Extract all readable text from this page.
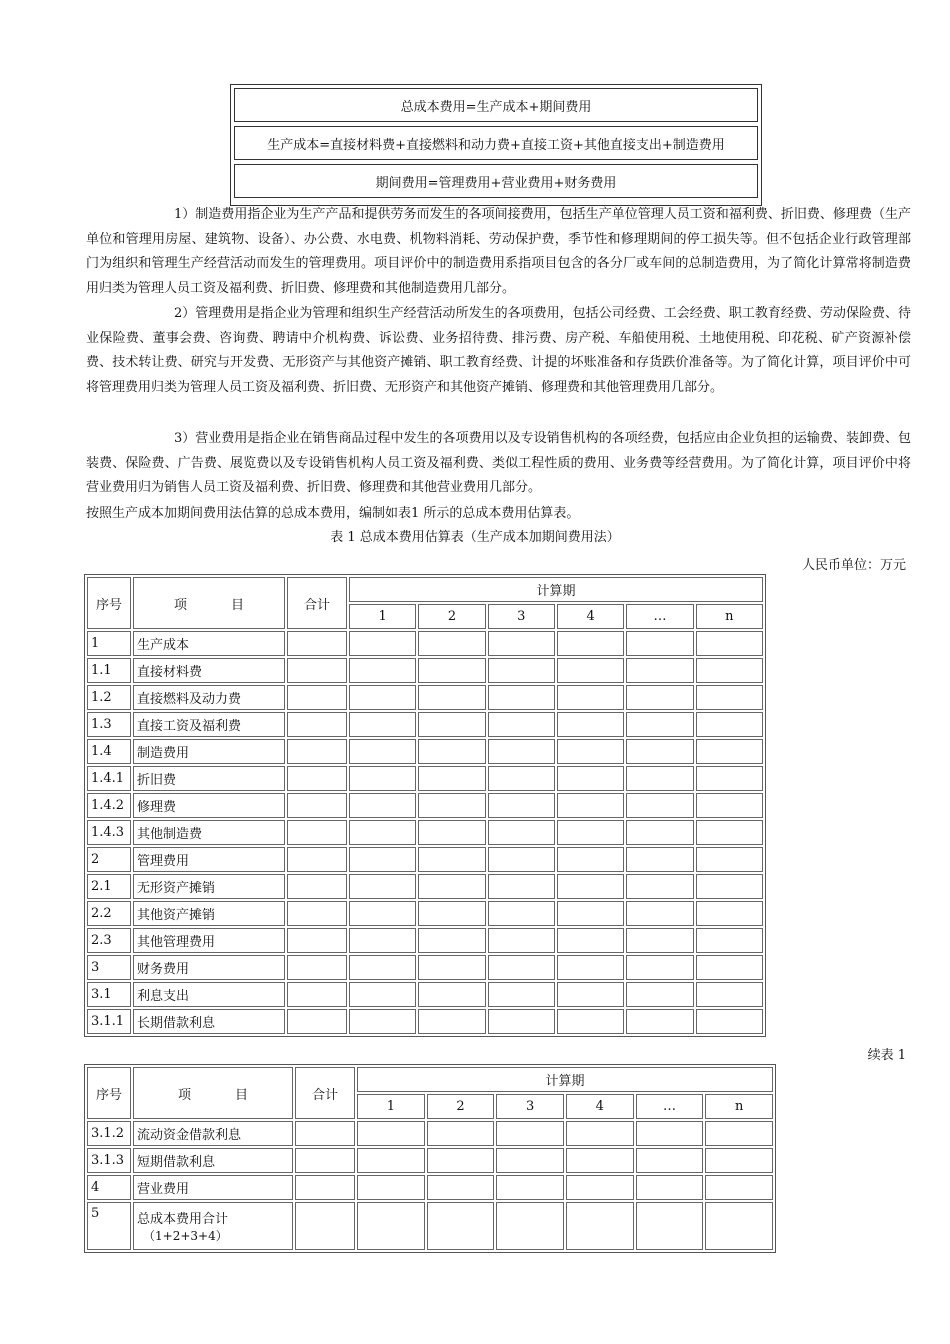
总成本费用=生产成本+期间费用
生产成本=直接材料费+直接燃料和动力费+直接工资+其他直接支出+制造费用
期间费用=管理费用+营业费用+财务费用

1）制造费用指企业为生产产品和提供劳务而发生的各项间接费用，包括生产单位管理人员工资和福利费、折旧费、修理费（生产单位和管理用房屋、建筑物、设备）、办公费、水电费、机物料消耗、劳动保护费，季节性和修理期间的停工损失等。但不包括企业行政管理部门为组织和管理生产经营活动而发生的管理费用。项目评价中的制造费用系指项目包含的各分厂或车间的总制造费用，为了简化计算常将制造费用归类为管理人员工资及福利费、折旧费、修理费和其他制造费用几部分。

2）管理费用是指企业为管理和组织生产经营活动所发生的各项费用，包括公司经费、工会经费、职工教育经费、劳动保险费、待业保险费、董事会费、咨询费、聘请中介机构费、诉讼费、业务招待费、排污费、房产税、车船使用税、土地使用税、印花税、矿产资源补偿费、技术转让费、研究与开发费、无形资产与其他资产摊销、职工教育经费、计提的坏账准备和存货跌价准备等。为了简化计算，项目评价中可将管理费用归类为管理人员工资及福利费、折旧费、无形资产和其他资产摊销、修理费和其他管理费用几部分。

3）营业费用是指企业在销售商品过程中发生的各项费用以及专设销售机构的各项经费，包括应由企业负担的运输费、装卸费、包装费、保险费、广告费、展览费以及专设销售机构人员工资及福利费、类似工程性质的费用、业务费等经营费用。为了简化计算，项目评价中将营业费用归为销售人员工资及福利费、折旧费、修理费和其他营业费用几部分。

按照生产成本加期间费用法估算的总成本费用，编制如表1 所示的总成本费用估算表。

表 1 总成本费用估算表（生产成本加期间费用法）
人民币单位：万元
序号	项 目	合计	计算期					
			1	2	3	4	…	n
1	生产成本							
1.1	直接材料费							
1.2	直接燃料及动力费							
1.3	直接工资及福利费							
1.4	制造费用							
1.4.1	折旧费							
1.4.2	修理费							
1.4.3	其他制造费							
2	管理费用							
2.1	无形资产摊销							
2.2	其他资产摊销							
2.3	其他管理费用							
3	财务费用							
3.1	利息支出							
3.1.1	长期借款利息							
续表 1
序号	项 目	合计	计算期					
			1	2	3	4	…	n
3.1.2	流动资金借款利息							
3.1.3	短期借款利息							
4	营业费用							
5	总成本费用合计
（1+2+3+4）							
